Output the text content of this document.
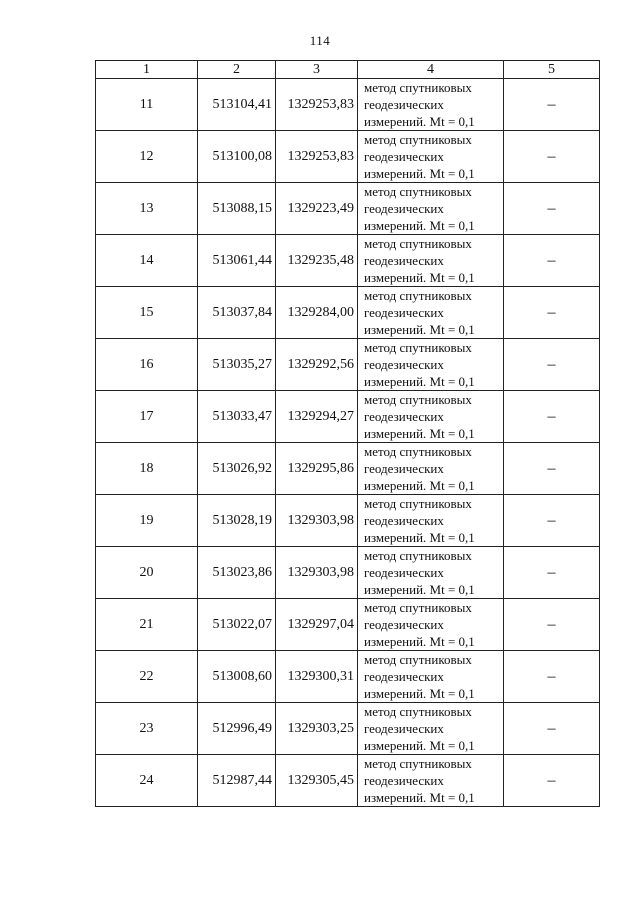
114
1	2	3	4	5
11	513104,41	1329253,83	метод спутниковых
геодезических
измерений. Mt = 0,1	–
12	513100,08	1329253,83	метод спутниковых
геодезических
измерений. Mt = 0,1	–
13	513088,15	1329223,49	метод спутниковых
геодезических
измерений. Mt = 0,1	–
14	513061,44	1329235,48	метод спутниковых
геодезических
измерений. Mt = 0,1	–
15	513037,84	1329284,00	метод спутниковых
геодезических
измерений. Mt = 0,1	–
16	513035,27	1329292,56	метод спутниковых
геодезических
измерений. Mt = 0,1	–
17	513033,47	1329294,27	метод спутниковых
геодезических
измерений. Mt = 0,1	–
18	513026,92	1329295,86	метод спутниковых
геодезических
измерений. Mt = 0,1	–
19	513028,19	1329303,98	метод спутниковых
геодезических
измерений. Mt = 0,1	–
20	513023,86	1329303,98	метод спутниковых
геодезических
измерений. Mt = 0,1	–
21	513022,07	1329297,04	метод спутниковых
геодезических
измерений. Mt = 0,1	–
22	513008,60	1329300,31	метод спутниковых
геодезических
измерений. Mt = 0,1	–
23	512996,49	1329303,25	метод спутниковых
геодезических
измерений. Mt = 0,1	–
24	512987,44	1329305,45	метод спутниковых
геодезических
измерений. Mt = 0,1	–
